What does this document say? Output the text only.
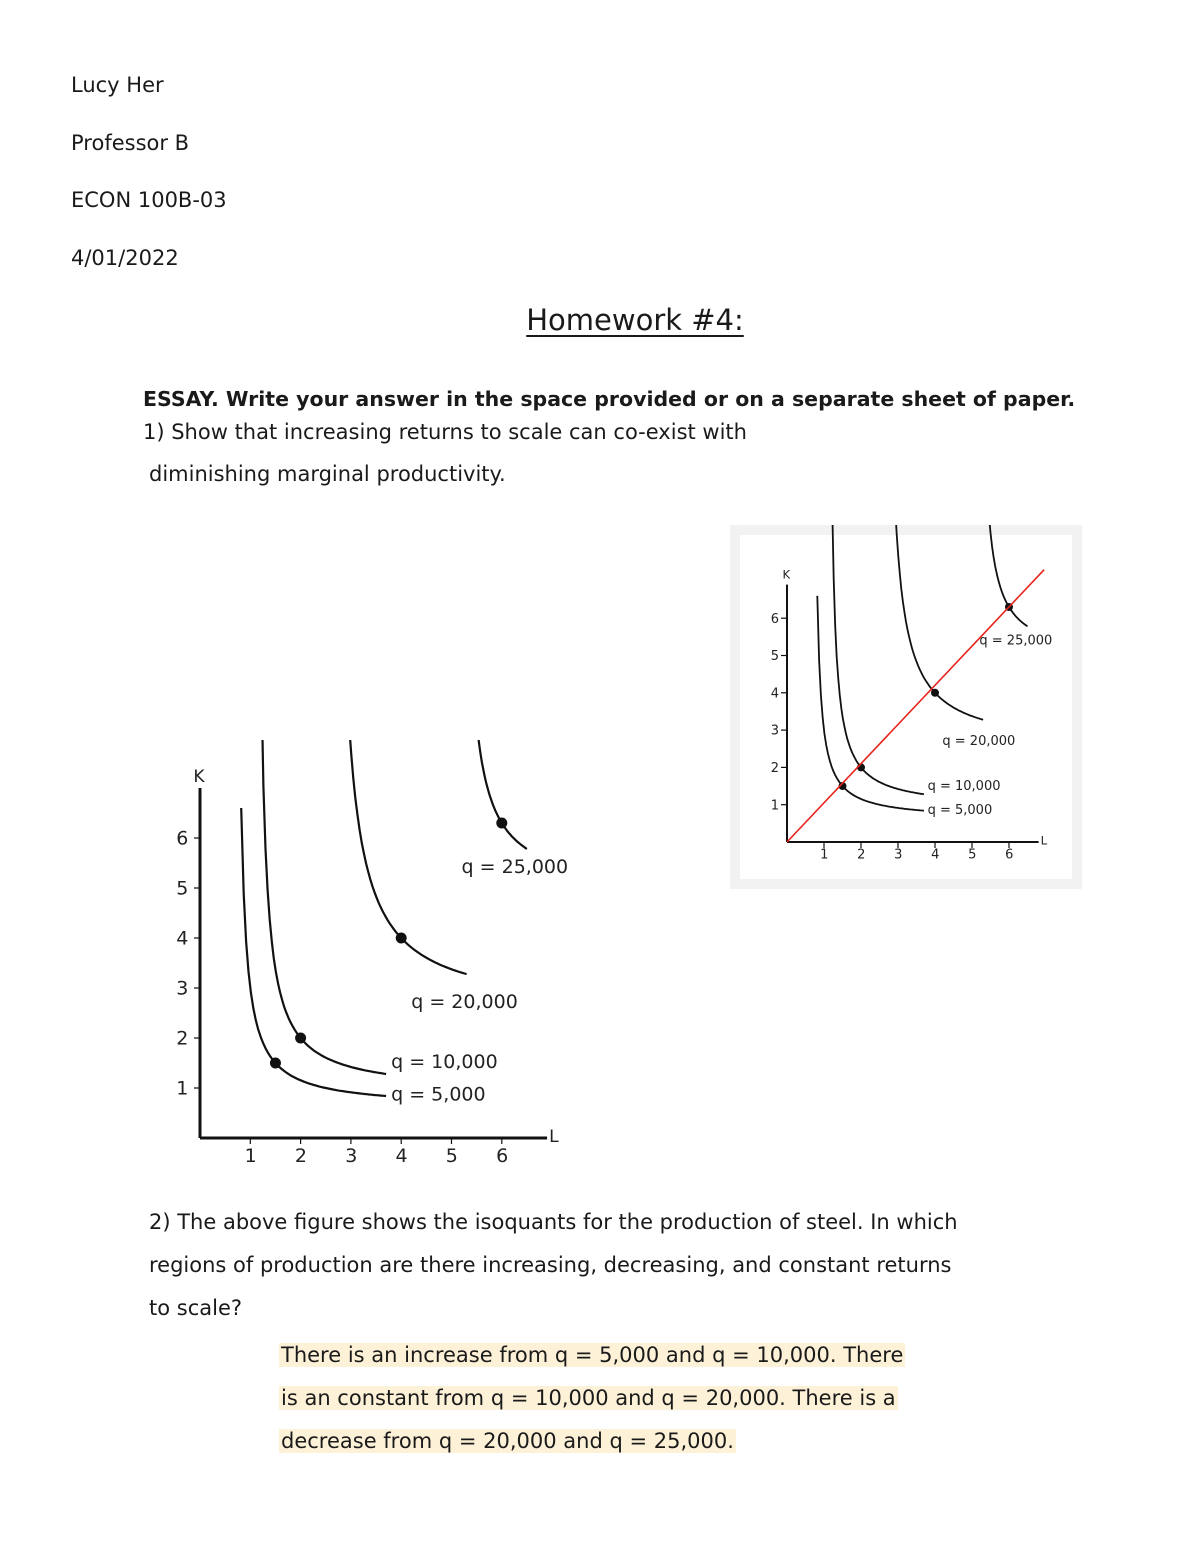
Lucy Her
Professor B
ECON 100B-03
4/01/2022
Homework #4:
ESSAY. Write your answer in the space provided or on a separate sheet of paper.
1) Show that increasing returns to scale can co-exist with
diminishing marginal productivity.
K
L
1
1
2
2
3
3
4
4
5
5
6
6
q = 5,000
q = 10,000
q = 20,000
q = 25,000
K
L
1
1
2
2
3
3
4
4
5
5
6
6
q = 5,000
q = 10,000
q = 20,000
q = 25,000
2) The above figure shows the isoquants for the production of steel. In which
regions of production are there increasing, decreasing, and constant returns
to scale?
There is an increase from q = 5,000 and q = 10,000. There
is an constant from q = 10,000 and q = 20,000. There is a
decrease from q = 20,000 and q = 25,000.
